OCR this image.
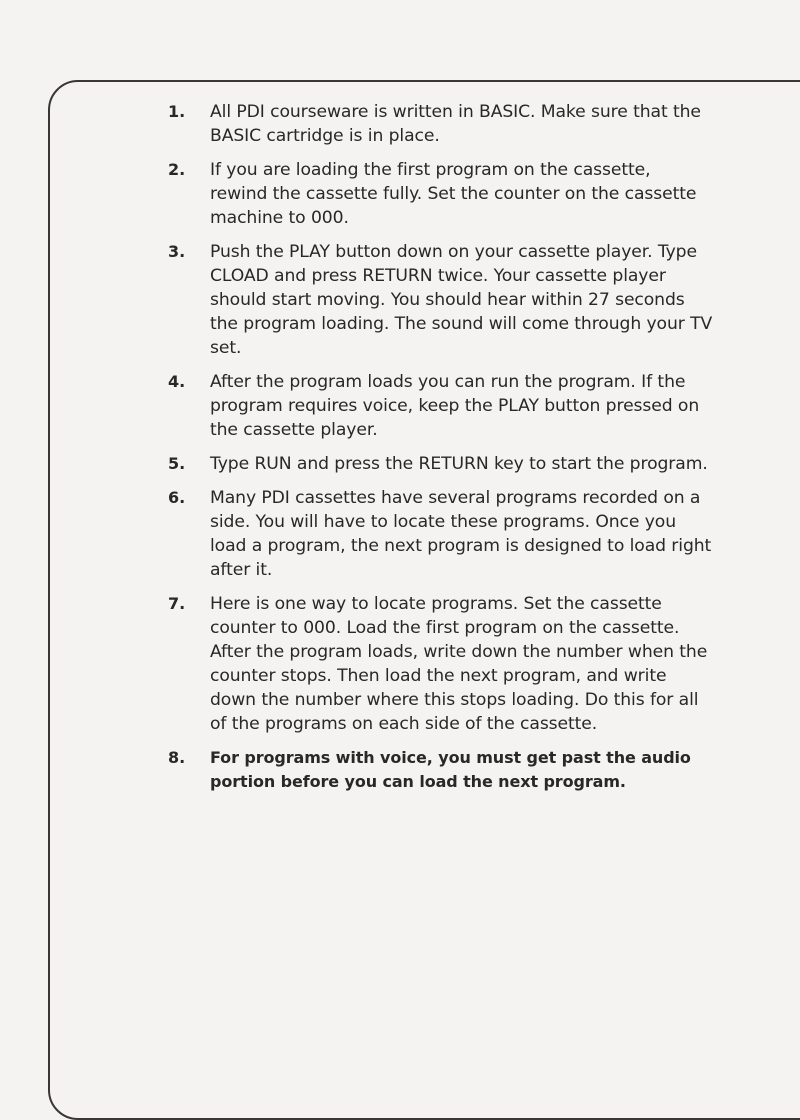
1.	All PDI courseware is written in BASIC. Make sure that the BASIC cartridge is in place.
2.	If you are loading the first program on the cassette, rewind the cassette fully. Set the counter on the cassette machine to 000.
3.	Push the PLAY button down on your cassette player. Type CLOAD and press RETURN twice. Your cassette player should start moving. You should hear within 27 seconds the program loading. The sound will come through your TV set.
4.	After the program loads you can run the program. If the program requires voice, keep the PLAY button pressed on the cassette player.
5.	Type RUN and press the RETURN key to start the program.
6.	Many PDI cassettes have several programs recorded on a side. You will have to locate these programs. Once you load a program, the next program is designed to load right after it.
7.	Here is one way to locate programs. Set the cassette counter to 000. Load the first program on the cassette. After the program loads, write down the number when the counter stops. Then load the next program, and write down the number where this stops loading. Do this for all of the programs on each side of the cassette.
8.	For programs with voice, you must get past the audio portion before you can load the next program.
